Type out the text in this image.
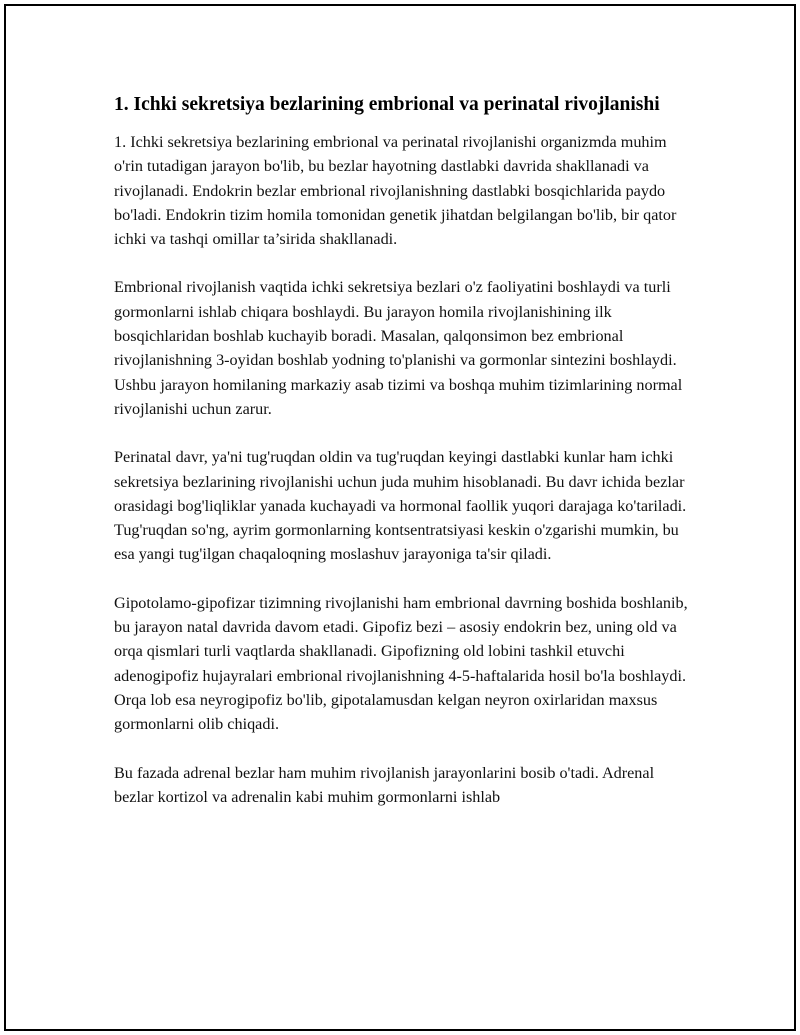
1. Ichki sekretsiya bezlarining embrional va perinatal rivojlanishi

1. Ichki sekretsiya bezlarining embrional va perinatal rivojlanishi organizmda muhim o'rin tutadigan jarayon bo'lib, bu bezlar hayotning dastlabki davrida shakllanadi va rivojlanadi. Endokrin bezlar embrional rivojlanishning dastlabki bosqichlarida paydo bo'ladi. Endokrin tizim homila tomonidan genetik jihatdan belgilangan bo'lib, bir qator ichki va tashqi omillar ta’sirida shakllanadi.

Embrional rivojlanish vaqtida ichki sekretsiya bezlari o'z faoliyatini boshlaydi va turli gormonlarni ishlab chiqara boshlaydi. Bu jarayon homila rivojlanishining ilk bosqichlaridan boshlab kuchayib boradi. Masalan, qalqonsimon bez embrional rivojlanishning 3-oyidan boshlab yodning to'planishi va gormonlar sintezini boshlaydi. Ushbu jarayon homilaning markaziy asab tizimi va boshqa muhim tizimlarining normal rivojlanishi uchun zarur.

Perinatal davr, ya'ni tug'ruqdan oldin va tug'ruqdan keyingi dastlabki kunlar ham ichki sekretsiya bezlarining rivojlanishi uchun juda muhim hisoblanadi. Bu davr ichida bezlar orasidagi bog'liqliklar yanada kuchayadi va hormonal faollik yuqori darajaga ko'tariladi. Tug'ruqdan so'ng, ayrim gormonlarning kontsentratsiyasi keskin o'zgarishi mumkin, bu esa yangi tug'ilgan chaqaloqning moslashuv jarayoniga ta'sir qiladi.

Gipotolamo-gipofizar tizimning rivojlanishi ham embrional davrning boshida boshlanib, bu jarayon natal davrida davom etadi. Gipofiz bezi – asosiy endokrin bez, uning old va orqa qismlari turli vaqtlarda shakllanadi. Gipofizning old lobini tashkil etuvchi adenogipofiz hujayralari embrional rivojlanishning 4-5-haftalarida hosil bo'la boshlaydi. Orqa lob esa neyrogipofiz bo'lib, gipotalamusdan kelgan neyron oxirlaridan maxsus gormonlarni olib chiqadi.

Bu fazada adrenal bezlar ham muhim rivojlanish jarayonlarini bosib o'tadi. Adrenal bezlar kortizol va adrenalin kabi muhim gormonlarni ishlab
